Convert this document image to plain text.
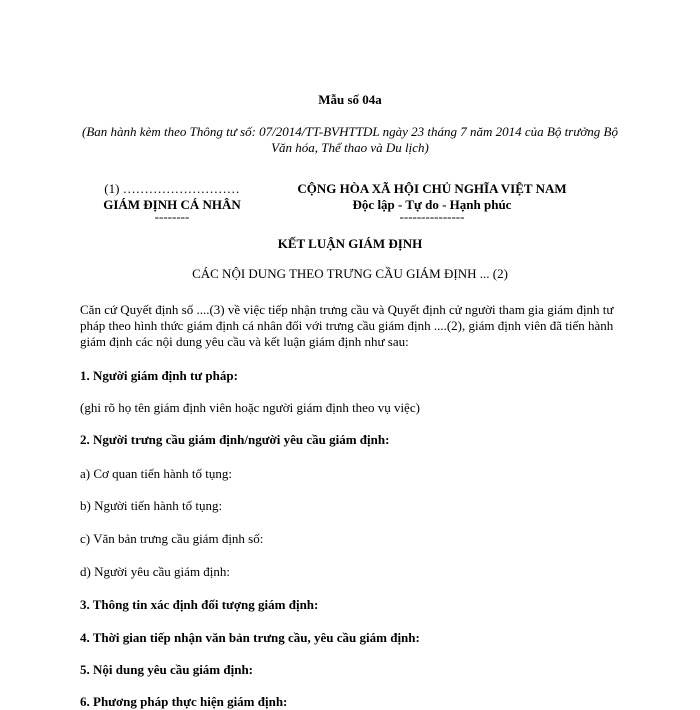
Mẫu số 04a
(Ban hành kèm theo Thông tư số: 07/2014/TT-BVHTTDL ngày 23 tháng 7 năm 2014 của Bộ trưởng Bộ Văn hóa, Thể thao và Du lịch)
(1) ………………………
GIÁM ĐỊNH CÁ NHÂN
--------
CỘNG HÒA XÃ HỘI CHỦ NGHĨA VIỆT NAM
Độc lập - Tự do - Hạnh phúc
---------------
KẾT LUẬN GIÁM ĐỊNH
CÁC NỘI DUNG THEO TRƯNG CẦU GIÁM ĐỊNH ... (2)
Căn cứ Quyết định số ....(3) về việc tiếp nhận trưng cầu và Quyết định cử người tham gia giám định tư pháp theo hình thức giám định cá nhân đối với trưng cầu giám định ....(2), giám định viên đã tiến hành giám định các nội dung yêu cầu và kết luận giám định như sau:
1. Người giám định tư pháp:
(ghi rõ họ tên giám định viên hoặc người giám định theo vụ việc)
2. Người trưng cầu giám định/người yêu cầu giám định:
a) Cơ quan tiến hành tố tụng:
b) Người tiến hành tố tụng:
c) Văn bản trưng cầu giám định số:
d) Người yêu cầu giám định:
3. Thông tin xác định đối tượng giám định:
4. Thời gian tiếp nhận văn bản trưng cầu, yêu cầu giám định:
5. Nội dung yêu cầu giám định:
6. Phương pháp thực hiện giám định:
